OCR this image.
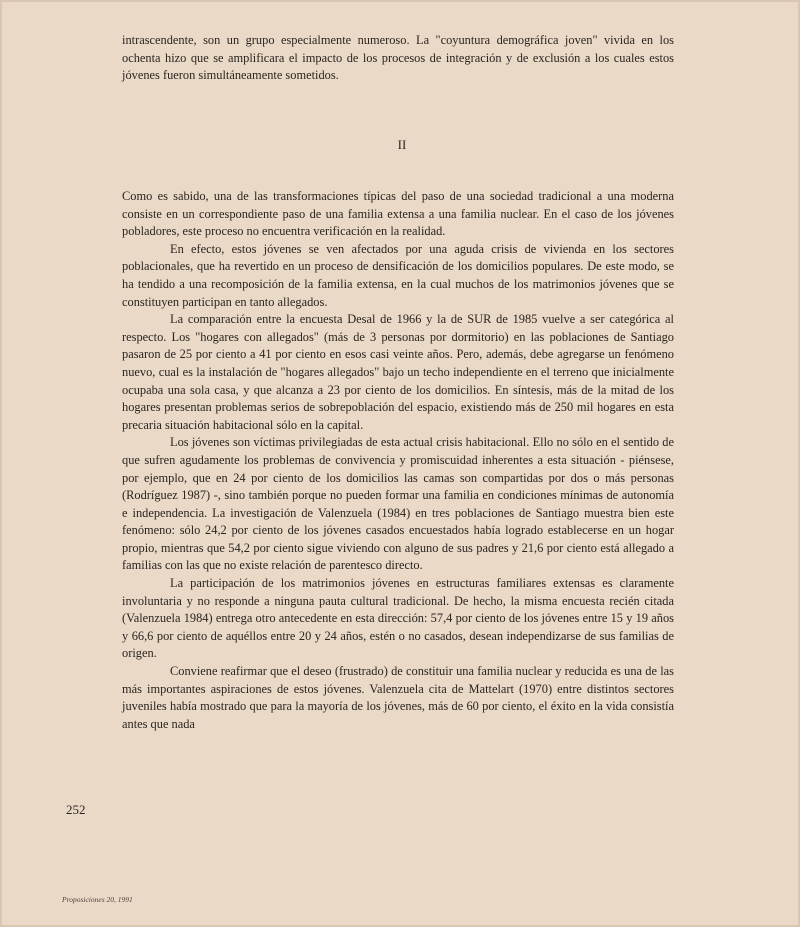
intrascendente, son un grupo especialmente numeroso. La "coyuntura demográfica joven" vivida en los ochenta hizo que se amplificara el impacto de los procesos de integración y de exclusión a los cuales estos jóvenes fueron simultáneamente sometidos.

II

Como es sabido, una de las transformaciones típicas del paso de una sociedad tradicional a una moderna consiste en un correspondiente paso de una familia extensa a una familia nuclear. En el caso de los jóvenes pobladores, este proceso no encuentra verificación en la realidad.

En efecto, estos jóvenes se ven afectados por una aguda crisis de vivienda en los sectores poblacionales, que ha revertido en un proceso de densificación de los domicilios populares. De este modo, se ha tendido a una recomposición de la familia extensa, en la cual muchos de los matrimonios jóvenes que se constituyen participan en tanto allegados.

La comparación entre la encuesta Desal de 1966 y la de SUR de 1985 vuelve a ser categórica al respecto. Los "hogares con allegados" (más de 3 personas por dormitorio) en las poblaciones de Santiago pasaron de 25 por ciento a 41 por ciento en esos casi veinte años. Pero, además, debe agregarse un fenómeno nuevo, cual es la instalación de "hogares allegados" bajo un techo independiente en el terreno que inicialmente ocupaba una sola casa, y que alcanza a 23 por ciento de los domicilios. En síntesis, más de la mitad de los hogares presentan problemas serios de sobrepoblación del espacio, existiendo más de 250 mil hogares en esta precaria situación habitacional sólo en la capital.

Los jóvenes son víctimas privilegiadas de esta actual crisis habitacional. Ello no sólo en el sentido de que sufren agudamente los problemas de convivencia y promiscuidad inherentes a esta situación - piénsese, por ejemplo, que en 24 por ciento de los domicilios las camas son compartidas por dos o más personas (Rodríguez 1987) -, sino también porque no pueden formar una familia en condiciones mínimas de autonomía e independencia. La investigación de Valenzuela (1984) en tres poblaciones de Santiago muestra bien este fenómeno: sólo 24,2 por ciento de los jóvenes casados encuestados había logrado establecerse en un hogar propio, mientras que 54,2 por ciento sigue viviendo con alguno de sus padres y 21,6 por ciento está allegado a familias con las que no existe relación de parentesco directo.

La participación de los matrimonios jóvenes en estructuras familiares extensas es claramente involuntaria y no responde a ninguna pauta cultural tradicional. De hecho, la misma encuesta recién citada (Valenzuela 1984) entrega otro antecedente en esta dirección: 57,4 por ciento de los jóvenes entre 15 y 19 años y 66,6 por ciento de aquéllos entre 20 y 24 años, estén o no casados, desean independizarse de sus familias de origen.

Conviene reafirmar que el deseo (frustrado) de constituir una familia nuclear y reducida es una de las más importantes aspiraciones de estos jóvenes. Valenzuela cita de Mattelart (1970) entre distintos sectores juveniles había mostrado que para la mayoría de los jóvenes, más de 60 por ciento, el éxito en la vida consistía antes que nada

252
Proposiciones 20, 1991
